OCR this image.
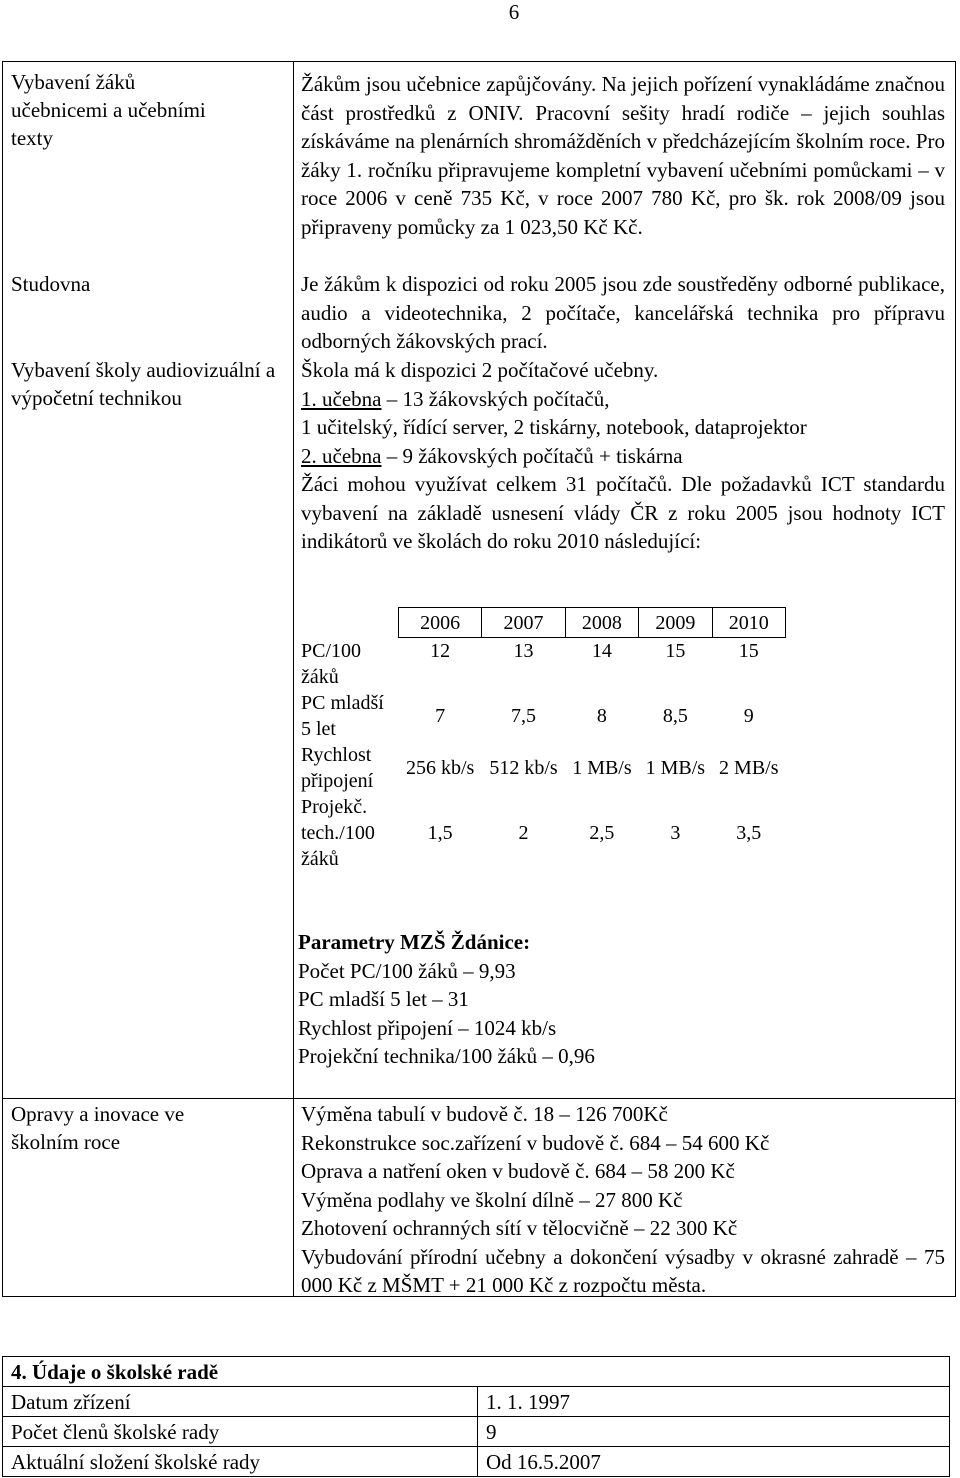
6
Vybavení žáků učebnicemi a učebními texty
Žákům jsou učebnice zapůjčovány. Na jejich pořízení vynakládáme značnou část prostředků z ONIV. Pracovní sešity hradí rodiče – jejich souhlas získáváme na plenárních shromážděních v předcházejícím školním roce. Pro žáky 1. ročníku připravujeme kompletní vybavení učebními pomůckami – v roce 2006 v ceně 735 Kč, v roce 2007 780 Kč, pro šk. rok 2008/09 jsou připraveny pomůcky za 1 023,50 Kč Kč.
Studovna	Je žákům k dispozici od roku 2005 jsou zde soustředěny odborné publikace, audio a videotechnika, 2 počítače, kancelářská technika pro přípravu odborných žákovských prací.
Vybavení školy audiovizuální a výpočetní technikou
Škola má k dispozici 2 počítačové učebny.
1. učebna – 13 žákovských počítačů,
1 učitelský, řídící server, 2 tiskárny, notebook, dataprojektor
2. učebna – 9 žákovských počítačů + tiskárna
Žáci mohou využívat celkem 31 počítačů. Dle požadavků ICT standardu vybavení na základě usnesení vlády ČR z roku 2005 jsou hodnoty ICT indikátorů ve školách do roku 2010 následující:
Opravy a inovace ve školním roce
Výměna tabulí v budově č. 18 – 126 700Kč
Rekonstrukce soc.zařízení v budově č. 684 – 54 600 Kč
Oprava a natření oken v budově č. 684 – 58 200 Kč
Výměna podlahy ve školní dílně – 27 800 Kč
Zhotovení ochranných sítí v tělocvičně – 22 300 Kč
Vybudování přírodní učebny a dokončení výsadby v okrasné zahradě – 75 000 Kč z MŠMT + 21 000 Kč z rozpočtu města.
	2006	2007	2008	2009	2010
PC/100 žáků	12	13	14	15	15
PC mladší 5 let	7	7,5	8	8,5	9
Rychlost připojení	256 kb/s	512 kb/s	1 MB/s	1 MB/s	2 MB/s
Projekč. tech./100 žáků	1,5	2	2,5	3	3,5
Parametry MZŠ Ždánice:
Počet PC/100 žáků – 9,93
PC mladší 5 let – 31
Rychlost připojení – 1024 kb/s
Projekční technika/100 žáků – 0,96
4. Údaje o školské radě	
Datum zřízení	1. 1. 1997
Počet členů školské rady	9
Aktuální složení školské rady	Od 16.5.2007
